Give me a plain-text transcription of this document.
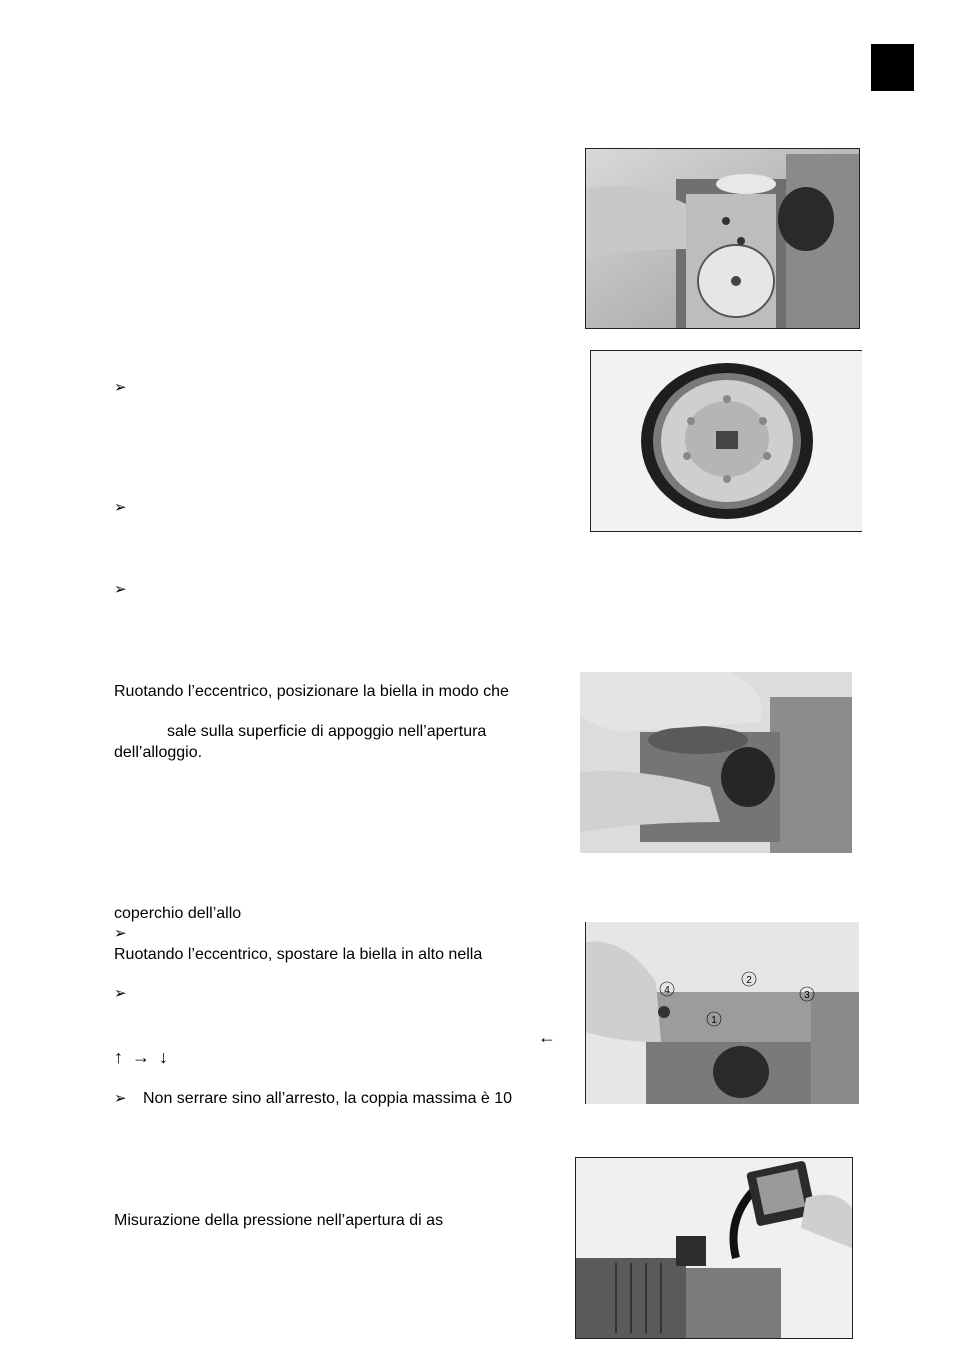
➢
➢
➢
Ruotando l’eccentrico, posizionare la biella in modo che
sale sulla superficie di appoggio nell’apertura
dell’alloggio.
coperchio dell’allo
➢
Ruotando l’eccentrico, spostare la biella in alto nella
➢
←
↑ → ↓
➢ Non serrare sino all’arresto, la coppia massima è 10
Misurazione della pressione nell’apertura di as
1
2
3
4
